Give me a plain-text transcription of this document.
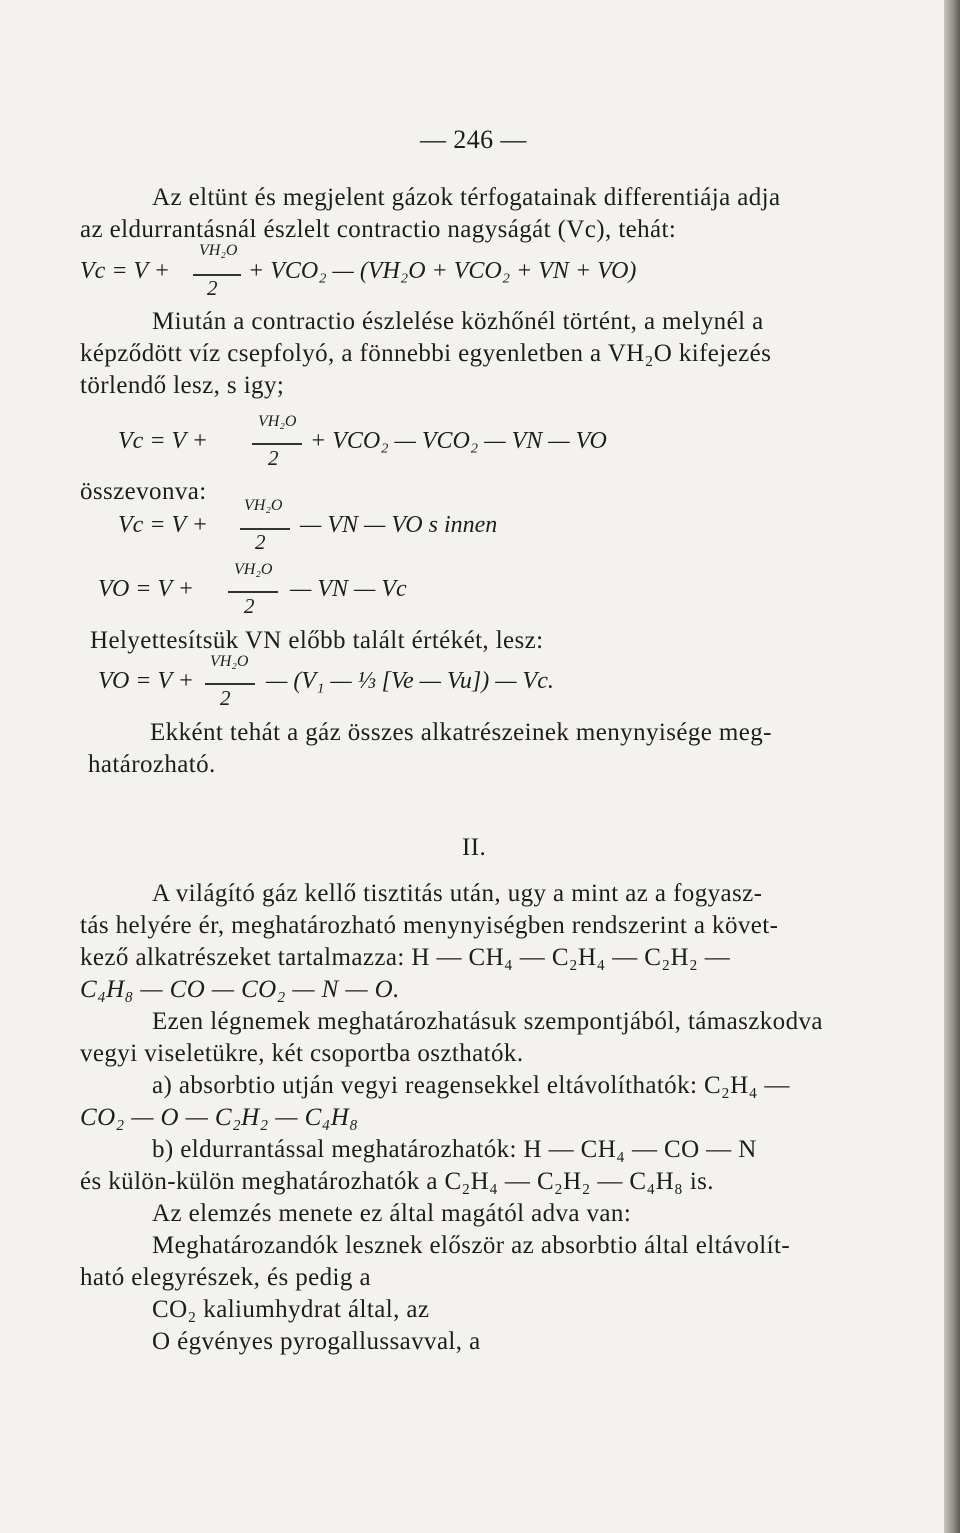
— 246 —
Az eltünt és megjelent gázok térfogatainak differentiája adja
az eldurrantásnál észlelt contractio nagyságát (Vc), tehát:
VH₂O
Vc = V +
2
+ VCO₂ — (VH₂O + VCO₂ + VN + VO)
Miután a contractio észlelése közhőnél történt, a melynél a
képződött víz csepfolyó, a fönnebbi egyenletben a VH₂O kifejezés
törlendő lesz, s igy;
VH₂O
Vc = V +
2
+ VCO₂ — VCO₂ — VN — VO
összevonva:
VH₂O
Vc = V +
2
— VN — VO s innen
VH₂O
VO = V +
2
— VN — Vc
Helyettesítsük VN előbb talált értékét, lesz:
VH₂O
VO = V +
2
— (V₁ — ⅓ [Ve — Vu]) — Vc.
Ekként tehát a gáz összes alkatrészeinek menynyisége meg-
határozható.
II.
A világító gáz kellő tisztitás után, ugy a mint az a fogyasz-
tás helyére ér, meghatározható menynyiségben rendszerint a követ-
kező alkatrészeket tartalmazza: H — CH₄ — C₂H₄ — C₂H₂ —
C₄H₈ — CO — CO₂ — N — O.
Ezen légnemek meghatározhatásuk szempontjából, támaszkodva
vegyi viseletükre, két csoportba oszthatók.
a) absorbtio utján vegyi reagensekkel eltávolíthatók: C₂H₄ —
CO₂ — O — C₂H₂ — C₄H₈
b) eldurrantással meghatározhatók: H — CH₄ — CO — N
és külön-külön meghatározhatók a C₂H₄ — C₂H₂ — C₄H₈ is.
Az elemzés menete ez által magától adva van:
Meghatározandók lesznek először az absorbtio által eltávolít-
ható elegyrészek, és pedig a
CO₂ kaliumhydrat által, az
O égvényes pyrogallussavval, a
